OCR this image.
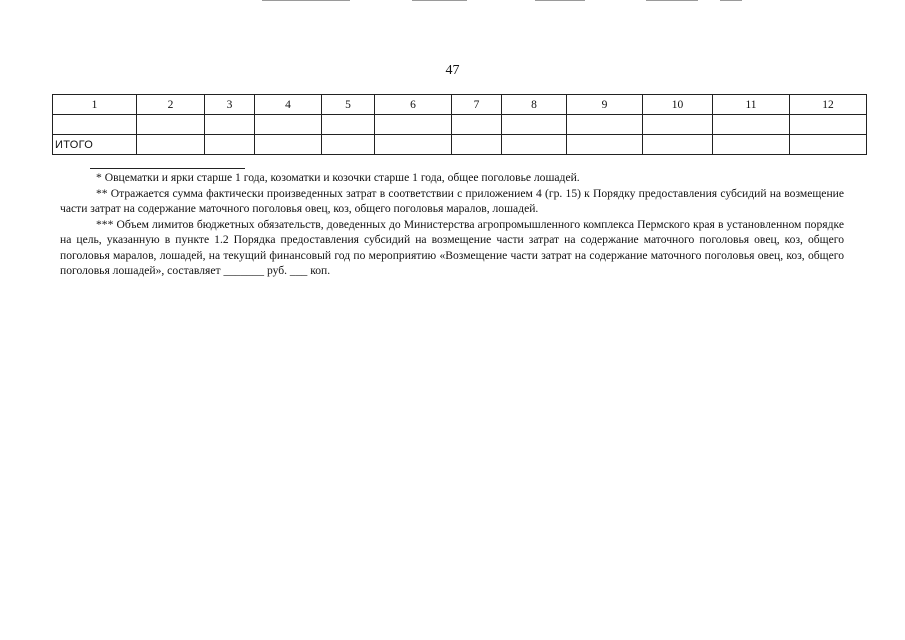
47
1	2	3	4	5	6	7	8	9	10	11	12

ИТОГО											

* Овцематки и ярки старше 1 года, козоматки и козочки старше 1 года, общее поголовье лошадей.

** Отражается сумма фактически произведенных затрат в соответствии с приложением 4 (гр. 15) к Порядку предоставления субсидий на возмещение части затрат на содержание маточного поголовья овец, коз, общего поголовья маралов, лошадей.

*** Объем лимитов бюджетных обязательств, доведенных до Министерства агропромышленного комплекса Пермского края в установленном порядке на цель, указанную в пункте 1.2 Порядка предоставления субсидий на возмещение части затрат на содержание маточного поголовья овец, коз, общего поголовья маралов, лошадей, на текущий финансовый год по мероприятию «Возмещение части затрат на содержание маточного поголовья овец, коз, общего поголовья лошадей», составляет _______ руб. ___ коп.
